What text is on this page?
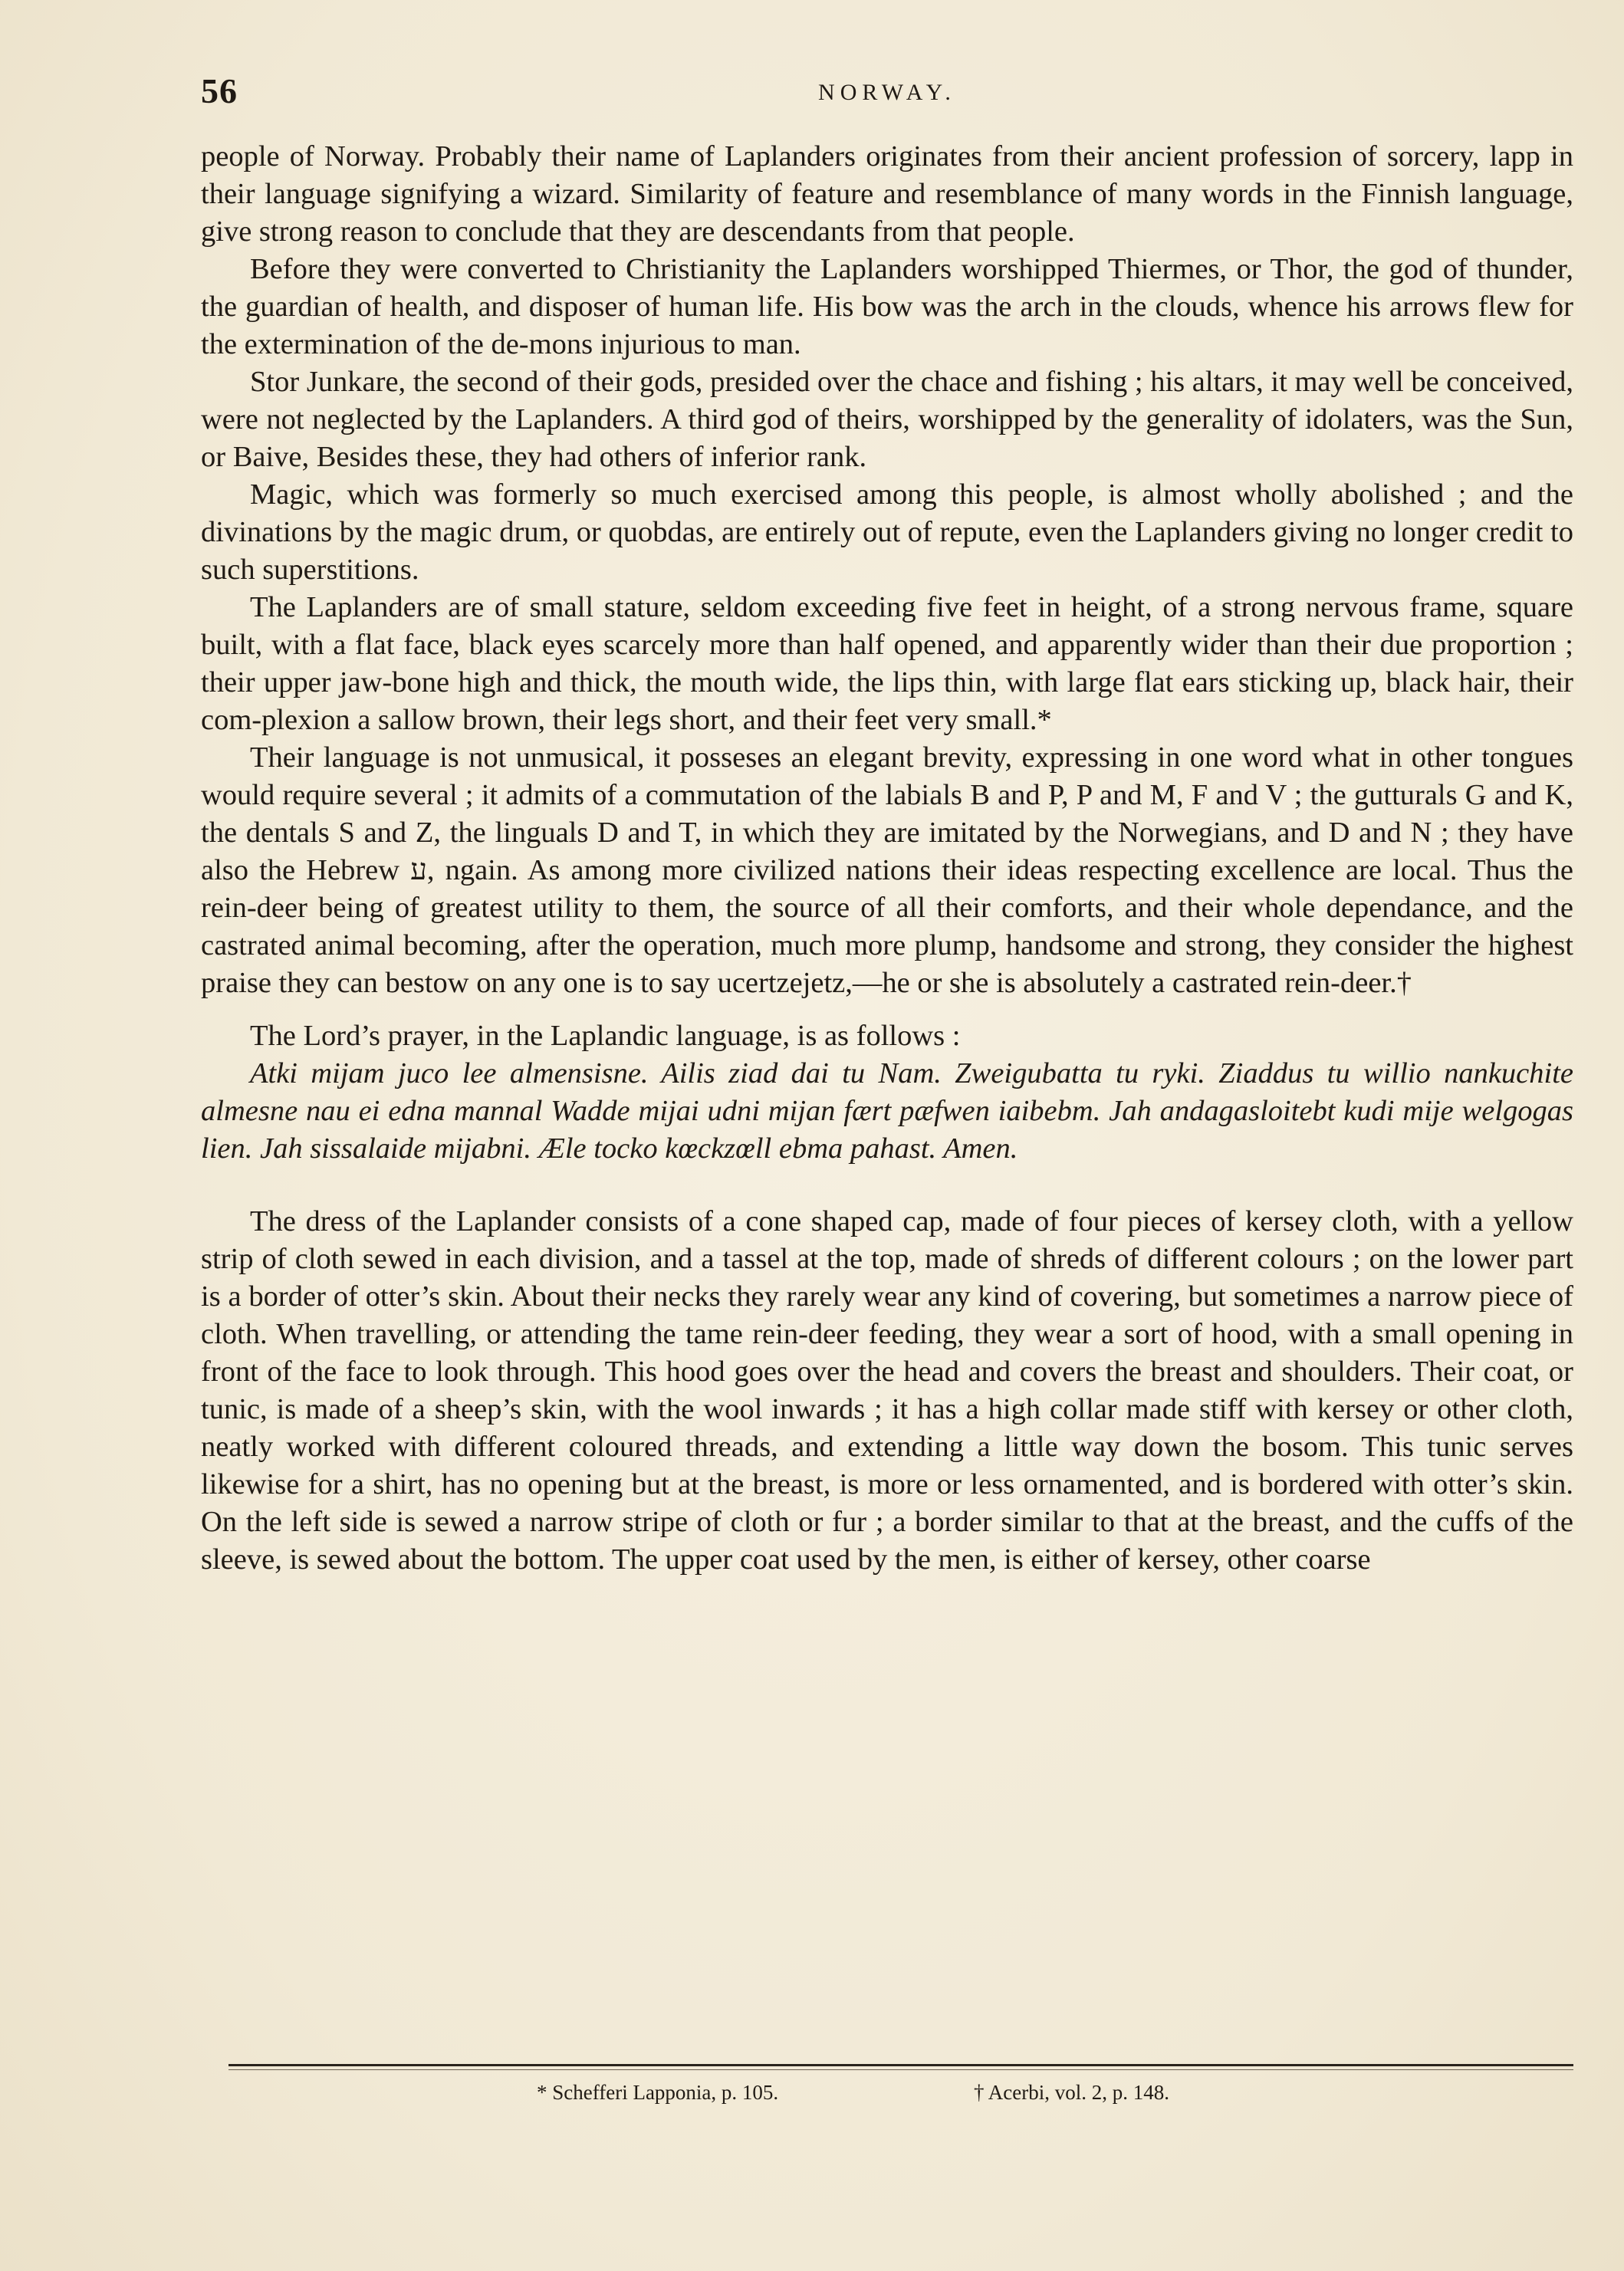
56	NORWAY.

people of Norway. Probably their name of Laplanders originates from their ancient profession of sorcery, lapp in their language signifying a wizard. Similarity of feature and resemblance of many words in the Finnish language, give strong reason to conclude that they are descendants from that people.

Before they were converted to Christianity the Laplanders worshipped Thiermes, or Thor, the god of thunder, the guardian of health, and disposer of human life. His bow was the arch in the clouds, whence his arrows flew for the extermination of the de-mons injurious to man.

Stor Junkare, the second of their gods, presided over the chace and fishing ; his altars, it may well be conceived, were not neglected by the Laplanders. A third god of theirs, worshipped by the generality of idolaters, was the Sun, or Baive, Besides these, they had others of inferior rank.

Magic, which was formerly so much exercised among this people, is almost wholly abolished ; and the divinations by the magic drum, or quobdas, are entirely out of repute, even the Laplanders giving no longer credit to such superstitions.

The Laplanders are of small stature, seldom exceeding five feet in height, of a strong nervous frame, square built, with a flat face, black eyes scarcely more than half opened, and apparently wider than their due proportion ; their upper jaw-bone high and thick, the mouth wide, the lips thin, with large flat ears sticking up, black hair, their com-plexion a sallow brown, their legs short, and their feet very small.*

Their language is not unmusical, it posseses an elegant brevity, expressing in one word what in other tongues would require several ; it admits of a commutation of the labials B and P, P and M, F and V ; the gutturals G and K, the dentals S and Z, the linguals D and T, in which they are imitated by the Norwegians, and D and N ; they have also the Hebrew ע, ngain. As among more civilized nations their ideas respecting excellence are local. Thus the rein-deer being of greatest utility to them, the source of all their comforts, and their whole dependance, and the castrated animal becoming, after the operation, much more plump, handsome and strong, they consider the highest praise they can bestow on any one is to say ucertzejetz,—he or she is absolutely a castrated rein-deer.†

The Lord’s prayer, in the Laplandic language, is as follows :

Atki mijam juco lee almensisne. Ailis ziad dai tu Nam. Zweigubatta tu ryki. Ziaddus tu willio nankuchite almesne nau ei edna mannal Wadde mijai udni mijan fært pæfwen iaibebm. Jah andagasloitebt kudi mije welgogas lien. Jah sissalaide mijabni. Æle tocko kœckzœll ebma pahast. Amen.

The dress of the Laplander consists of a cone shaped cap, made of four pieces of kersey cloth, with a yellow strip of cloth sewed in each division, and a tassel at the top, made of shreds of different colours ; on the lower part is a border of otter’s skin. About their necks they rarely wear any kind of covering, but sometimes a narrow piece of cloth. When travelling, or attending the tame rein-deer feeding, they wear a sort of hood, with a small opening in front of the face to look through. This hood goes over the head and covers the breast and shoulders. Their coat, or tunic, is made of a sheep’s skin, with the wool inwards ; it has a high collar made stiff with kersey or other cloth, neatly worked with different coloured threads, and extending a little way down the bosom. This tunic serves likewise for a shirt, has no opening but at the breast, is more or less ornamented, and is bordered with otter’s skin. On the left side is sewed a narrow stripe of cloth or fur ; a border similar to that at the breast, and the cuffs of the sleeve, is sewed about the bottom. The upper coat used by the men, is either of kersey, other coarse

* Schefferi Lapponia, p. 105.	† Acerbi, vol. 2, p. 148.
